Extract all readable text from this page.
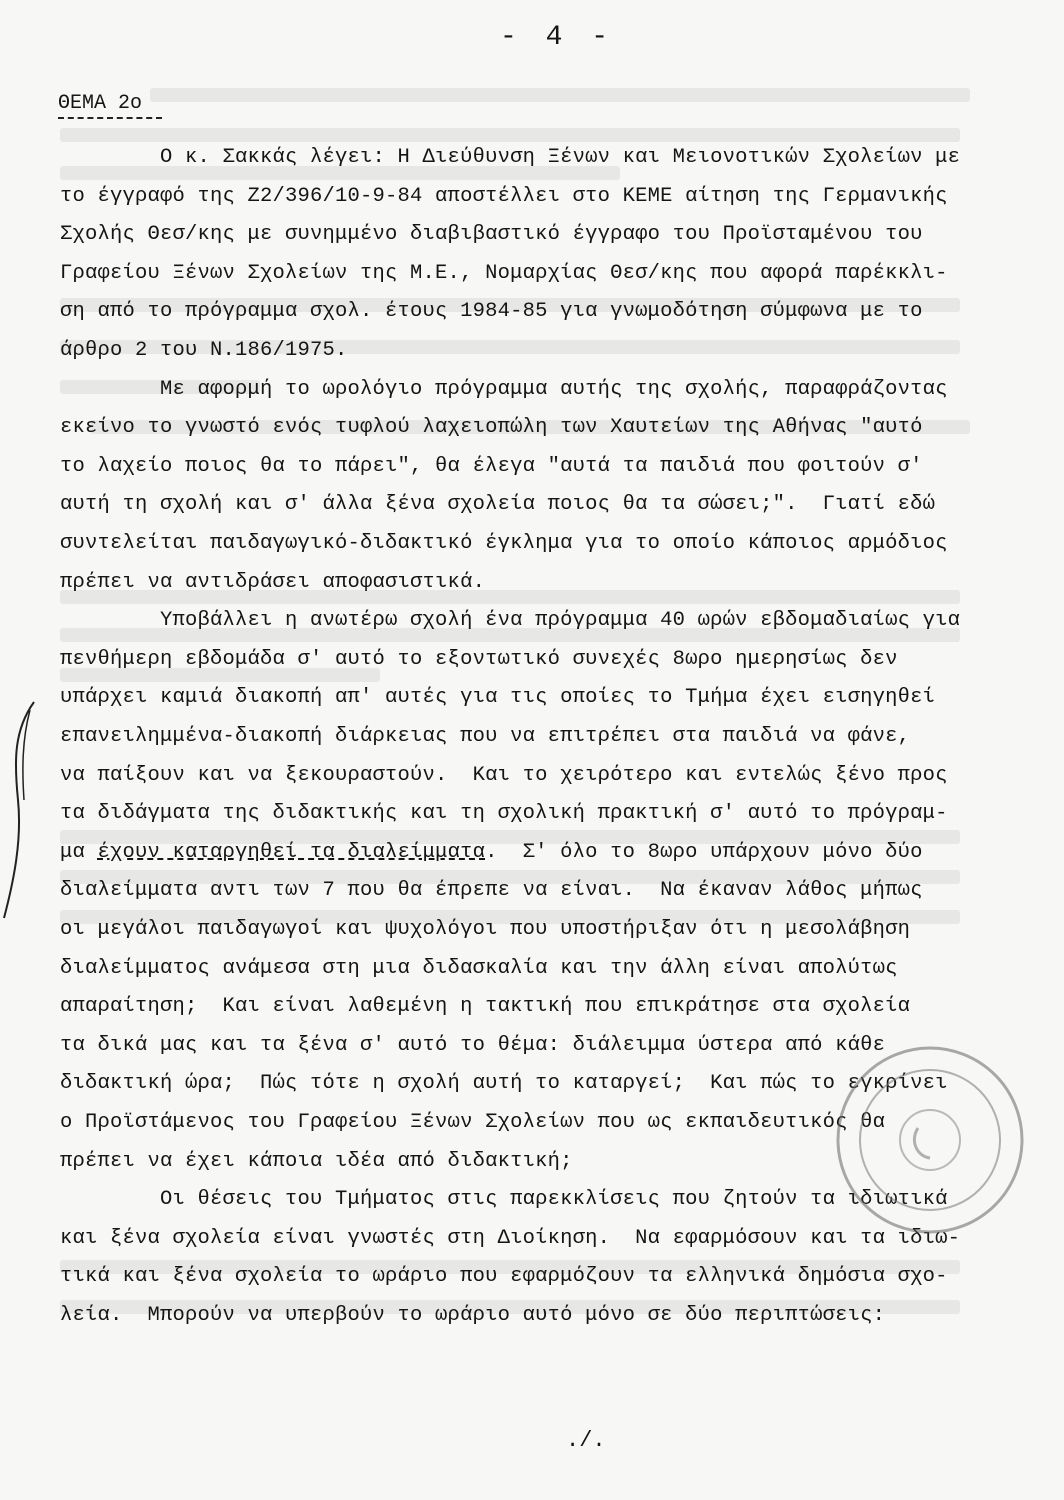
- 4 -
ΘΕΜΑ 2ο
Ο κ. Σακκάς λέγει: Η Διεύθυνση Ξένων και Μειονοτικών Σχολείων με
το έγγραφό της Ζ2/396/10-9-84 αποστέλλει στο ΚΕΜΕ αίτηση της Γερμανικής
Σχολής Θεσ/κης με συνημμένο διαβιβαστικό έγγραφο του Προϊσταμένου του
Γραφείου Ξένων Σχολείων της Μ.Ε., Νομαρχίας Θεσ/κης που αφορά παρέκκλι-
ση από το πρόγραμμα σχολ. έτους 1984-85 για γνωμοδότηση σύμφωνα με το
άρθρο 2 του Ν.186/1975.
Με αφορμή το ωρολόγιο πρόγραμμα αυτής της σχολής, παραφράζοντας
εκείνο το γνωστό ενός τυφλού λαχειοπώλη των Χαυτείων της Αθήνας "αυτό
το λαχείο ποιος θα το πάρει", θα έλεγα "αυτά τα παιδιά που φοιτούν σ'
αυτή τη σχολή και σ' άλλα ξένα σχολεία ποιος θα τα σώσει;".  Γιατί εδώ
συντελείται παιδαγωγικό-διδακτικό έγκλημα για το οποίο κάποιος αρμόδιος
πρέπει να αντιδράσει αποφασιστικά.
Υποβάλλει η ανωτέρω σχολή ένα πρόγραμμα 40 ωρών εβδομαδιαίως για
πενθήμερη εβδομάδα σ' αυτό το εξοντωτικό συνεχές 8ωρο ημερησίως δεν
υπάρχει καμιά διακοπή απ' αυτές για τις οποίες το Τμήμα έχει εισηγηθεί
επανειλημμένα-διακοπή διάρκειας που να επιτρέπει στα παιδιά να φάνε,
να παίξουν και να ξεκουραστούν.  Και το χειρότερο και εντελώς ξένο προς
τα διδάγματα της διδακτικής και τη σχολική πρακτική σ' αυτό το πρόγραμ-
μα έχουν καταργηθεί τα διαλείμματα.  Σ' όλο το 8ωρο υπάρχουν μόνο δύο
διαλείμματα αντι των 7 που θα έπρεπε να είναι.  Να έκαναν λάθος μήπως
οι μεγάλοι παιδαγωγοί και ψυχολόγοι που υποστήριξαν ότι η μεσολάβηση
διαλείμματος ανάμεσα στη μια διδασκαλία και την άλλη είναι απολύτως
απαραίτηση;  Και είναι λαθεμένη η τακτική που επικράτησε στα σχολεία
τα δικά μας και τα ξένα σ' αυτό το θέμα: διάλειμμα ύστερα από κάθε
διδακτική ώρα;  Πώς τότε η σχολή αυτή το καταργεί;  Και πώς το εγκρίνει
ο Προϊστάμενος του Γραφείου Ξένων Σχολείων που ως εκπαιδευτικός θα
πρέπει να έχει κάποια ιδέα από διδακτική;
Οι θέσεις του Τμήματος στις παρεκκλίσεις που ζητούν τα ιδιωτικά
και ξένα σχολεία είναι γνωστές στη Διοίκηση.  Να εφαρμόσουν και τα ιδιω-
τικά και ξένα σχολεία το ωράριο που εφαρμόζουν τα ελληνικά δημόσια σχο-
λεία.  Μπορούν να υπερβούν το ωράριο αυτό μόνο σε δύο περιπτώσεις:
./.
